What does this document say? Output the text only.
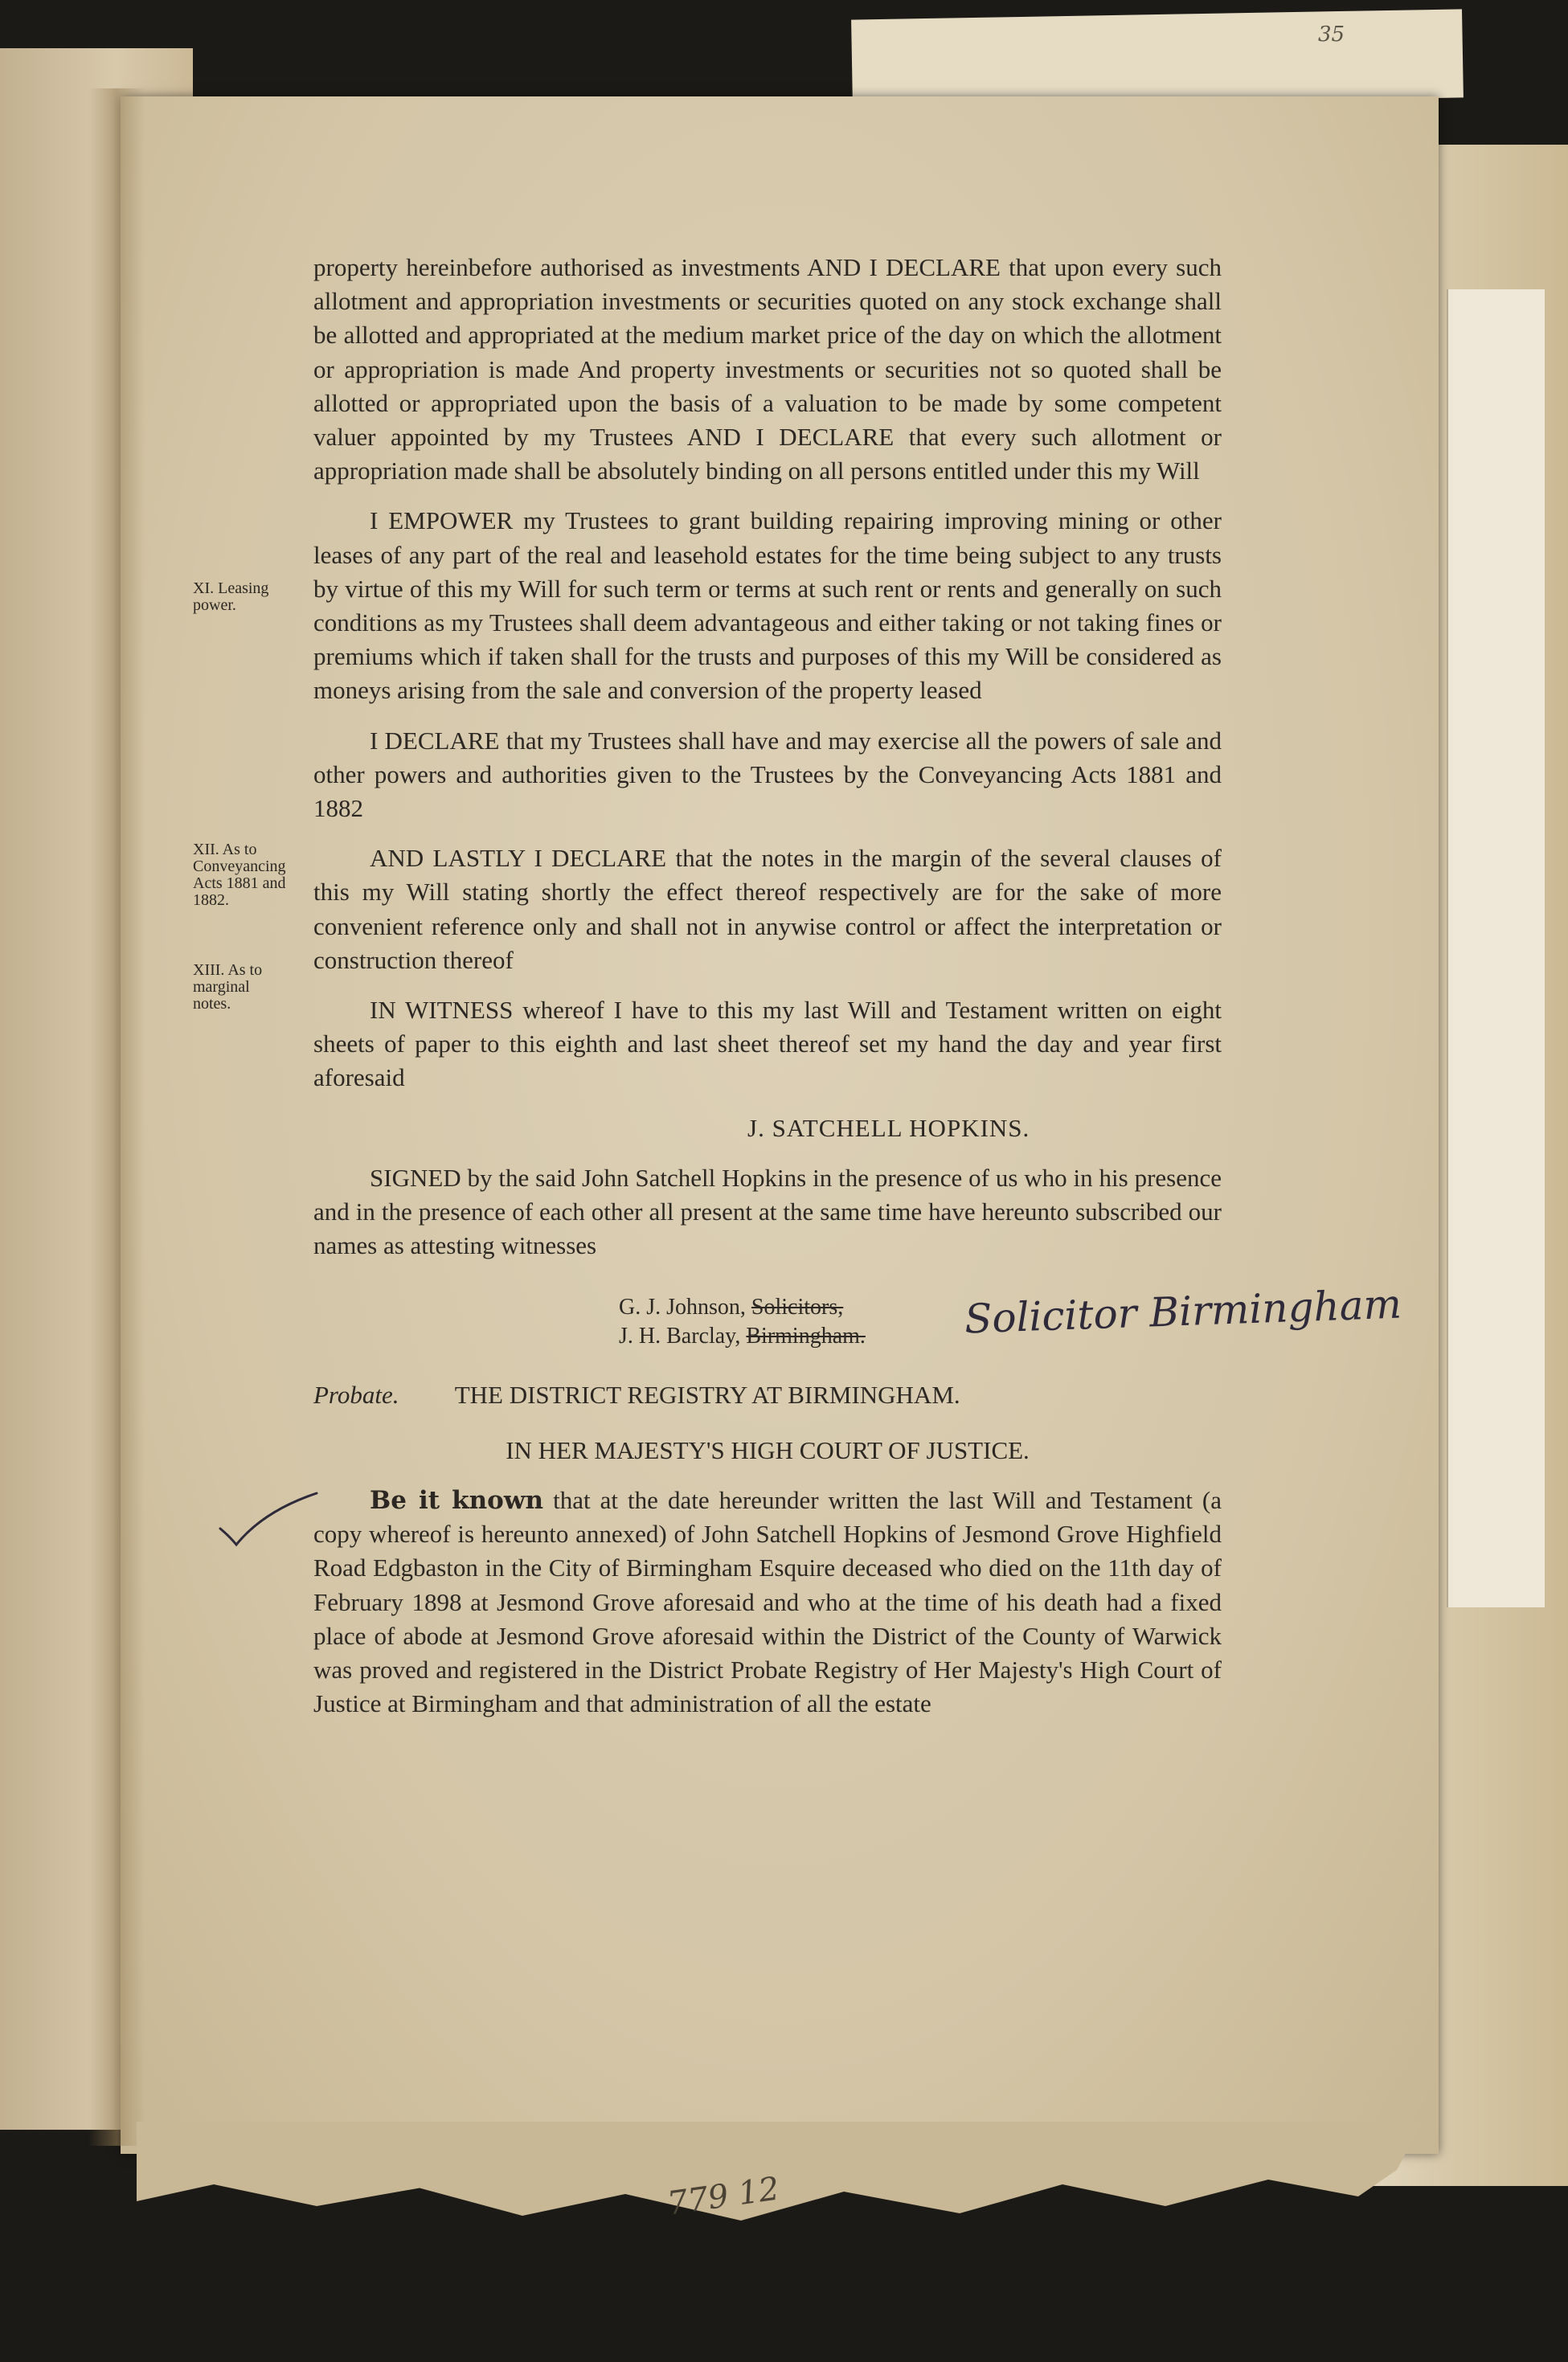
35
779 12
XI. Leasing power.
XII. As to Conveyancing Acts 1881 and 1882.
XIII. As to marginal notes.

property hereinbefore authorised as investments AND I DECLARE that upon every such allotment and appropriation investments or securities quoted on any stock exchange shall be allotted and appropriated at the medium market price of the day on which the allotment or appropriation is made And property investments or securities not so quoted shall be allotted or appropriated upon the basis of a valuation to be made by some competent valuer appointed by my Trustees AND I DECLARE that every such allotment or appropriation made shall be absolutely binding on all persons entitled under this my Will

I EMPOWER my Trustees to grant building repairing improving mining or other leases of any part of the real and leasehold estates for the time being subject to any trusts by virtue of this my Will for such term or terms at such rent or rents and generally on such conditions as my Trustees shall deem advantageous and either taking or not taking fines or premiums which if taken shall for the trusts and purposes of this my Will be considered as moneys arising from the sale and conversion of the property leased

I DECLARE that my Trustees shall have and may exercise all the powers of sale and other powers and authorities given to the Trustees by the Conveyancing Acts 1881 and 1882

AND LASTLY I DECLARE that the notes in the margin of the several clauses of this my Will stating shortly the effect thereof respectively are for the sake of more convenient reference only and shall not in anywise control or affect the interpretation or construction thereof

IN WITNESS whereof I have to this my last Will and Testament written on eight sheets of paper to this eighth and last sheet thereof set my hand the day and year first aforesaid

J. SATCHELL HOPKINS.

SIGNED by the said John Satchell Hopkins in the presence of us who in his presence and in the presence of each other all present at the same time have hereunto subscribed our names as attesting witnesses

G. J. Johnson, Solicitors,
J. H. Barclay, Birmingham. Solicitor Birmingham

Probate. THE DISTRICT REGISTRY AT BIRMINGHAM.

IN HER MAJESTY'S HIGH COURT OF JUSTICE.

Be it known that at the date hereunder written the last Will and Testament (a copy whereof is hereunto annexed) of John Satchell Hopkins of Jesmond Grove Highfield Road Edgbaston in the City of Birmingham Esquire deceased who died on the 11th day of February 1898 at Jesmond Grove aforesaid and who at the time of his death had a fixed place of abode at Jesmond Grove aforesaid within the District of the County of Warwick was proved and registered in the District Probate Registry of Her Majesty's High Court of Justice at Birmingham and that administration of all the estate
